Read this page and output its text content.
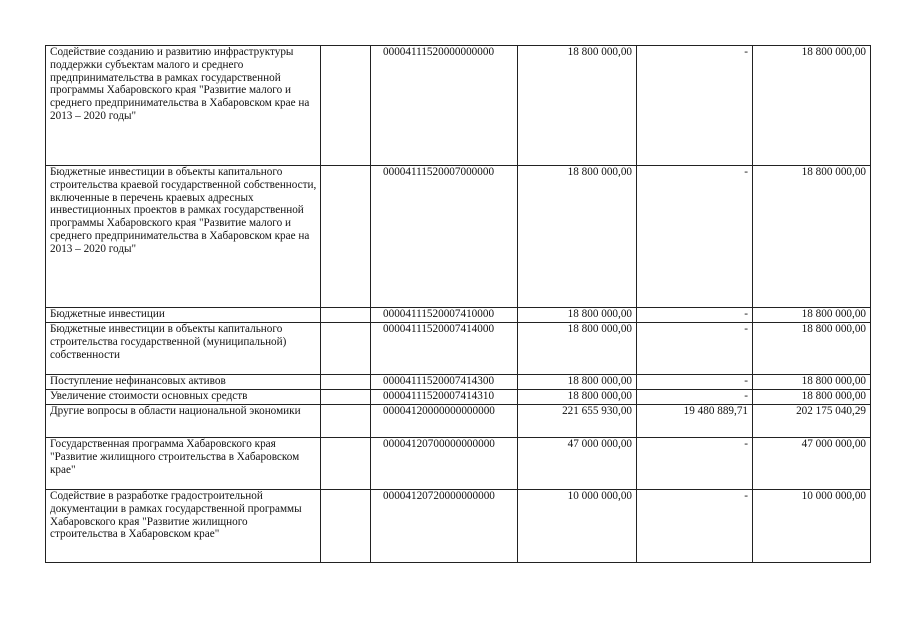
Содействие созданию и развитию инфраструктуры поддержки субъектам малого и среднего предпринимательства в рамках государственной программы Хабаровского края "Развитие малого и среднего предпринимательства в Хабаровском крае на 2013 – 2020 годы"		00004111520000000000	18 800 000,00	-	18 800 000,00
Бюджетные инвестиции в объекты капитального строительства краевой государственной собственности, включенные в перечень краевых адресных инвестиционных проектов в рамках государственной программы Хабаровского края "Развитие малого и среднего предпринимательства в Хабаровском крае на 2013 – 2020 годы"		00004111520007000000	18 800 000,00	-	18 800 000,00
Бюджетные инвестиции		00004111520007410000	18 800 000,00	-	18 800 000,00
Бюджетные инвестиции в объекты капитального строительства государственной (муниципальной) собственности		00004111520007414000	18 800 000,00	-	18 800 000,00
Поступление нефинансовых активов		00004111520007414300	18 800 000,00	-	18 800 000,00
Увеличение стоимости основных средств		00004111520007414310	18 800 000,00	-	18 800 000,00
Другие вопросы в области национальной экономики		00004120000000000000	221 655 930,00	19 480 889,71	202 175 040,29
Государственная программа Хабаровского края "Развитие жилищного строительства в Хабаровском крае"		00004120700000000000	47 000 000,00	-	47 000 000,00
Содействие в разработке градостроительной документации в рамках государственной программы Хабаровского края "Развитие жилищного строительства в Хабаровском крае"		00004120720000000000	10 000 000,00	-	10 000 000,00
